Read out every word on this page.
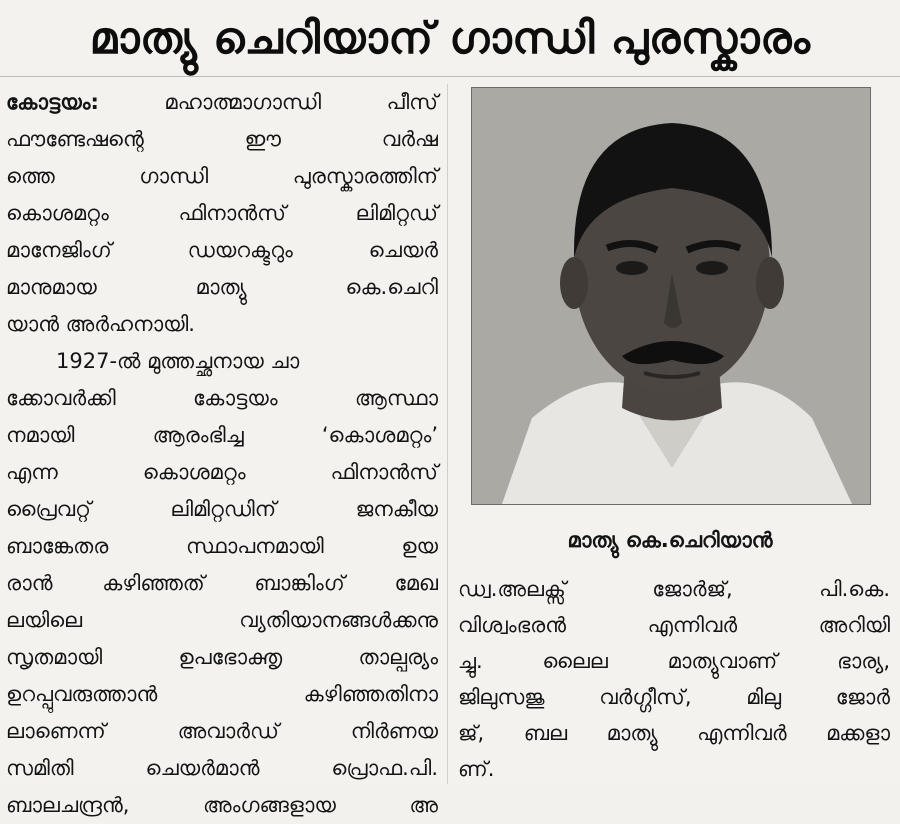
മാത്യു ചെറിയാന് ഗാന്ധി പുരസ്കാരം
കോട്ടയം: മഹാത്മാഗാന്ധി പീസ്
ഫൗണ്ടേഷന്റെ ഈ വർഷ
ത്തെ ഗാന്ധി പുരസ്കാരത്തിന്
കൊശമറ്റം ഫിനാൻസ് ലിമിറ്റഡ്
മാനേജിംഗ് ഡയറക്ടറും ചെയർ
മാനുമായ മാത്യു കെ.ചെറി
യാൻ അർഹനായി.
1927-ൽ മുത്തച്ഛനായ ചാ
ക്കോവർക്കി കോട്ടയം ആസ്ഥാ
നമായി ആരംഭിച്ച ‘കൊശമറ്റം’
എന്ന കൊശമറ്റം ഫിനാൻസ്
പ്രൈവറ്റ് ലിമിറ്റഡിന് ജനകീയ
ബാങ്കേതര സ്ഥാപനമായി ഉയ
രാൻ കഴിഞ്ഞത് ബാങ്കിംഗ് മേഖ
ലയിലെ വ്യതിയാനങ്ങൾക്കനു
സൃതമായി ഉപഭോക്തൃ താല്പര്യം
ഉറപ്പുവരുത്താൻ കഴിഞ്ഞതിനാ
ലാണെന്ന് അവാർഡ് നിർണയ
സമിതി ചെയർമാൻ പ്രൊഫ.പി.
ബാലചന്ദ്രൻ, അംഗങ്ങളായ അ
മാത്യു കെ.ചെറിയാൻ
ഡ്വ.അലക്സ് ജോർജ്, പി.കെ.
വിശ്വംഭരൻ എന്നിവർ അറിയി
ച്ചു. ലൈല മാത്യുവാണ് ഭാര്യ,
ജിലുസജു വർഗ്ഗീസ്, മിലു ജോർ
ജ്, ബല മാത്യു എന്നിവർ മക്കളാ
ണ്.
